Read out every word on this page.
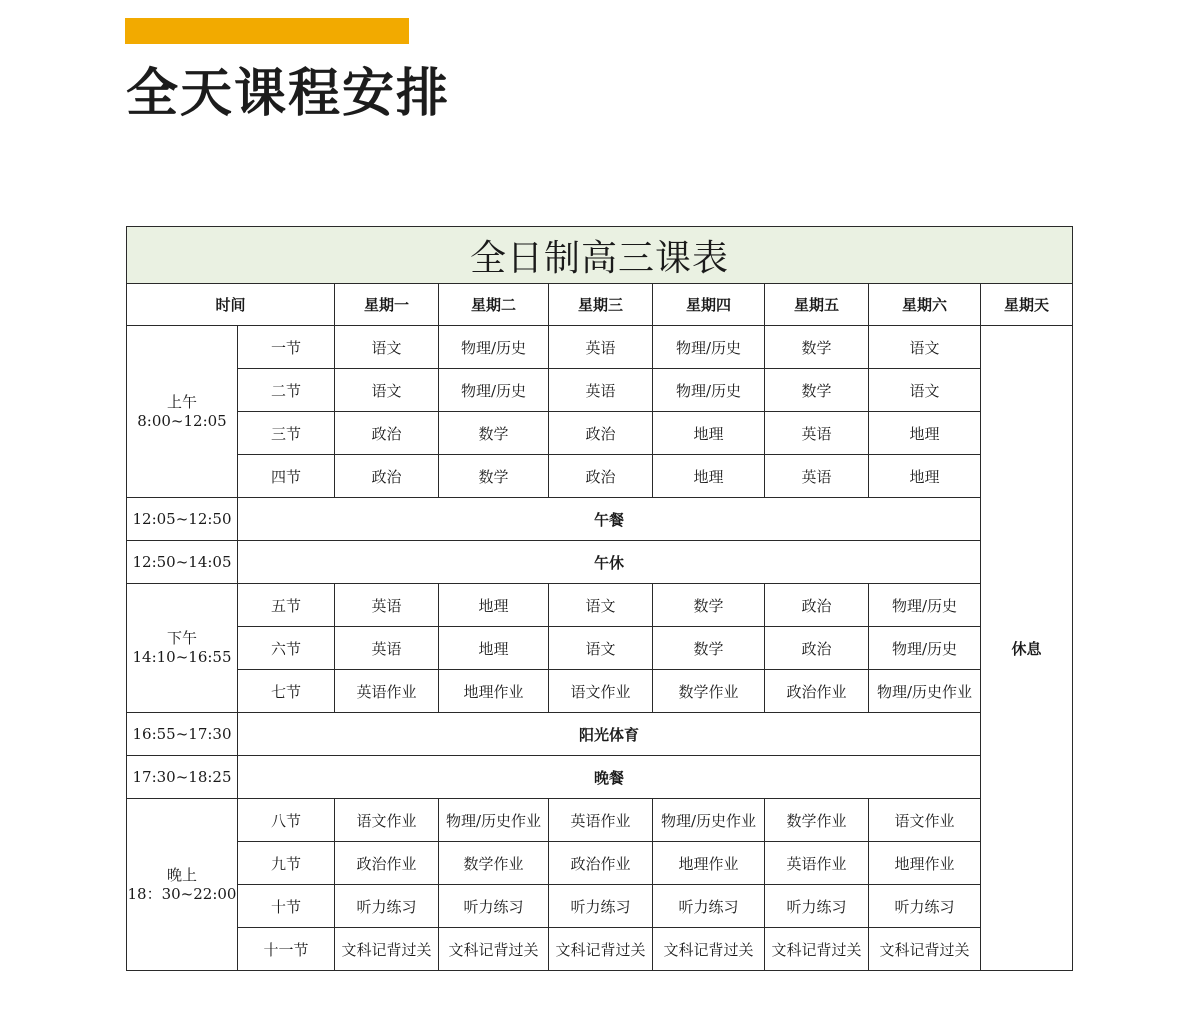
全天课程安排
全日制高三课表								
时间		星期一	星期二	星期三	星期四	星期五	星期六	星期天
上午
8:00~12:05	一节	语文	物理/历史	英语	物理/历史	数学	语文	休息
	二节	语文	物理/历史	英语	物理/历史	数学	语文	
	三节	政治	数学	政治	地理	英语	地理	
	四节	政治	数学	政治	地理	英语	地理	
12:05~12:50	午餐							
12:50~14:05	午休							
下午
14:10~16:55	五节	英语	地理	语文	数学	政治	物理/历史	
	六节	英语	地理	语文	数学	政治	物理/历史	
	七节	英语作业	地理作业	语文作业	数学作业	政治作业	物理/历史作业	
16:55~17:30	阳光体育							
17:30~18:25	晚餐							
晚上
18：30~22:00	八节	语文作业	物理/历史作业	英语作业	物理/历史作业	数学作业	语文作业	
	九节	政治作业	数学作业	政治作业	地理作业	英语作业	地理作业	
	十节	听力练习	听力练习	听力练习	听力练习	听力练习	听力练习	
	十一节	文科记背过关	文科记背过关	文科记背过关	文科记背过关	文科记背过关	文科记背过关	
